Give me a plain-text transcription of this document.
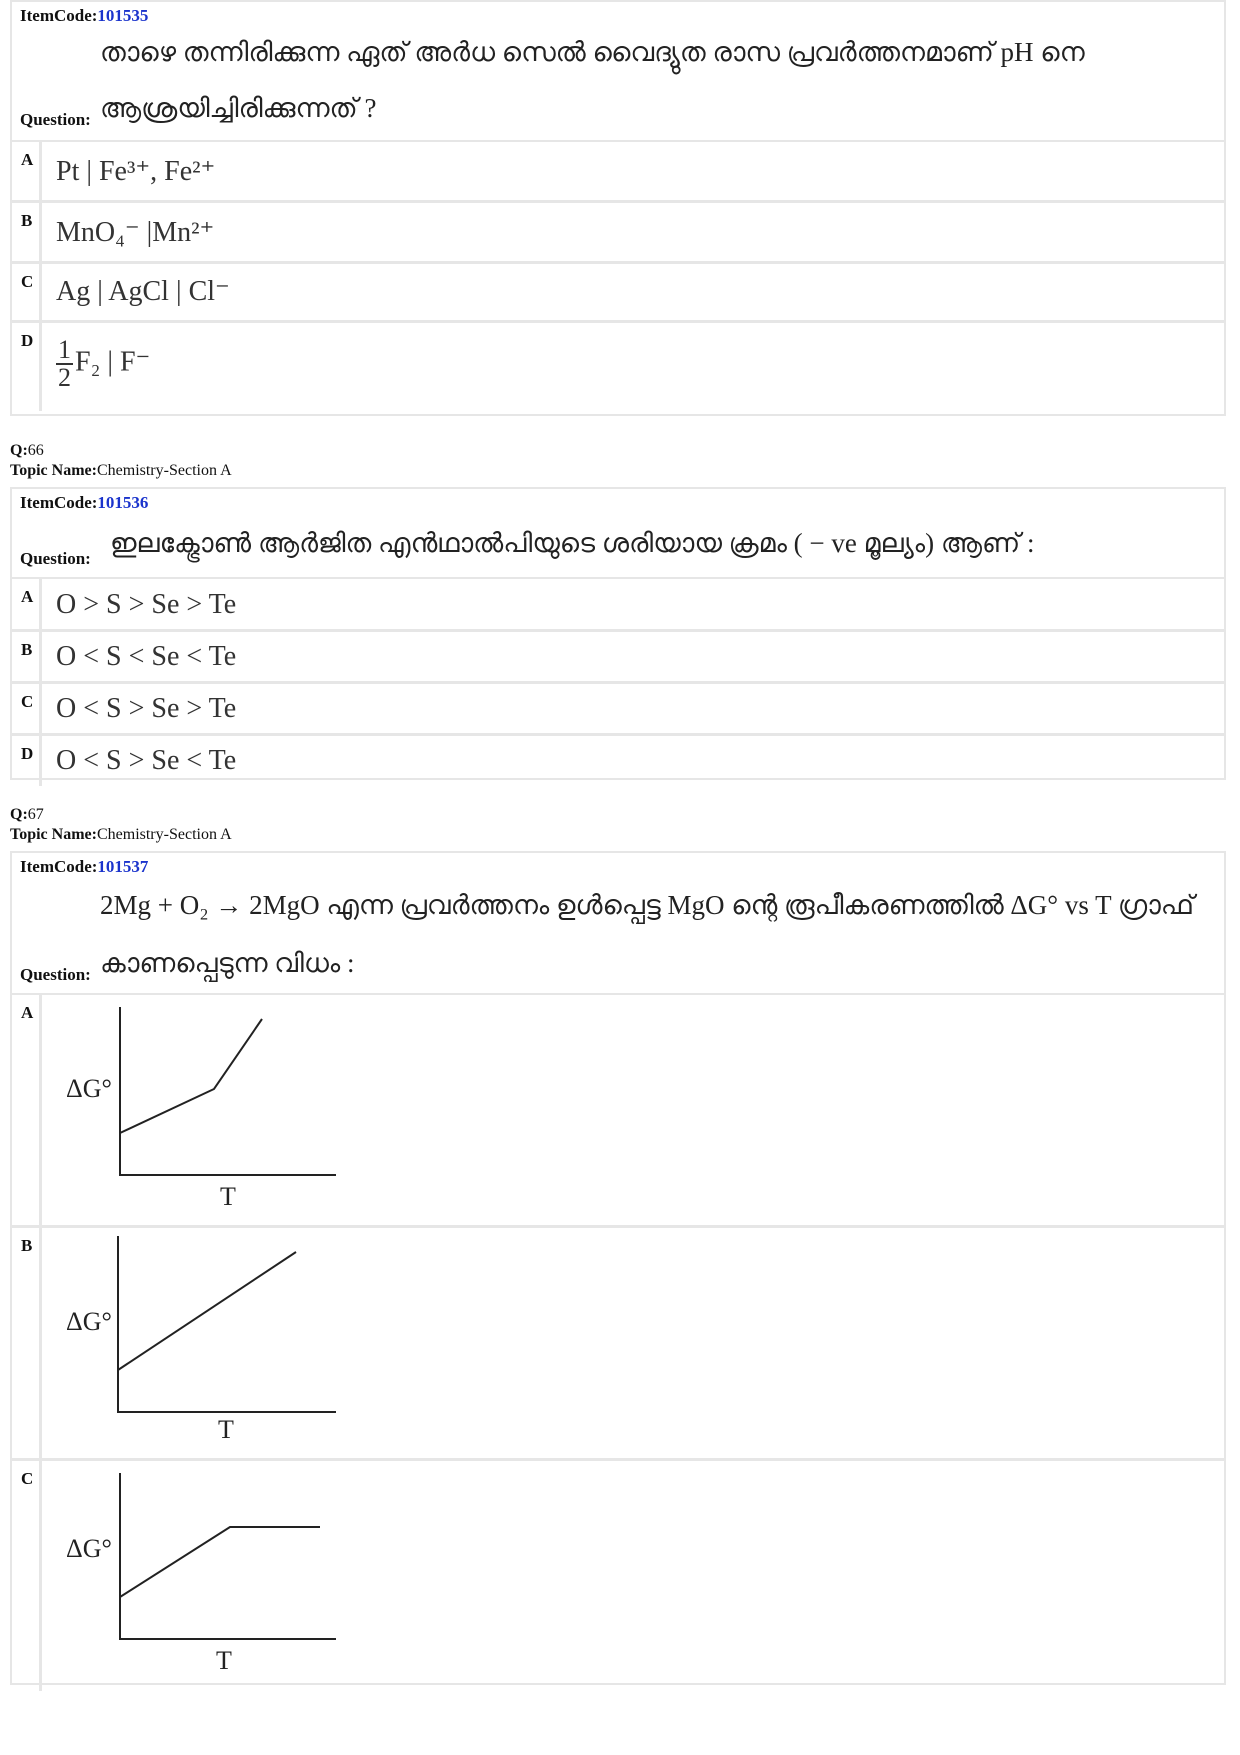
ItemCode:101535
താഴെ തന്നിരിക്കുന്ന ഏത് അർധ സെൽ വൈദ്യുത രാസ പ്രവർത്തനമാണ് pH നെ
ആശ്രയിച്ചിരിക്കുന്നത് ?
Question:
A Pt | Fe³⁺, Fe²⁺
B MnO₄⁻ |Mn²⁺
C Ag | AgCl | Cl⁻
D $\frac{1}{2} F_2$ | F⁻
Q:66
Topic Name:Chemistry-Section A
ItemCode:101536
Question:
ഇലക്ട്രോൺ ആർജിത എൻഥാൽപിയുടെ ശരിയായ ക്രമം ( − ve മൂല്യം) ആണ് :
A O > S > Se > Te
B O < S < Se < Te
C O < S > Se > Te
D O < S > Se < Te
Q:67
Topic Name:Chemistry-Section A
ItemCode:101537
2Mg + O₂ → 2MgO എന്ന പ്രവർത്തനം ഉൾപ്പെട്ട MgO ന്റെ രൂപീകരണത്തിൽ ΔG° vs T ഗ്രാഫ്
കാണപ്പെടുന്ന വിധം :
Question:
A
ΔG°
T
B
ΔG°
T
C
ΔG°
T
